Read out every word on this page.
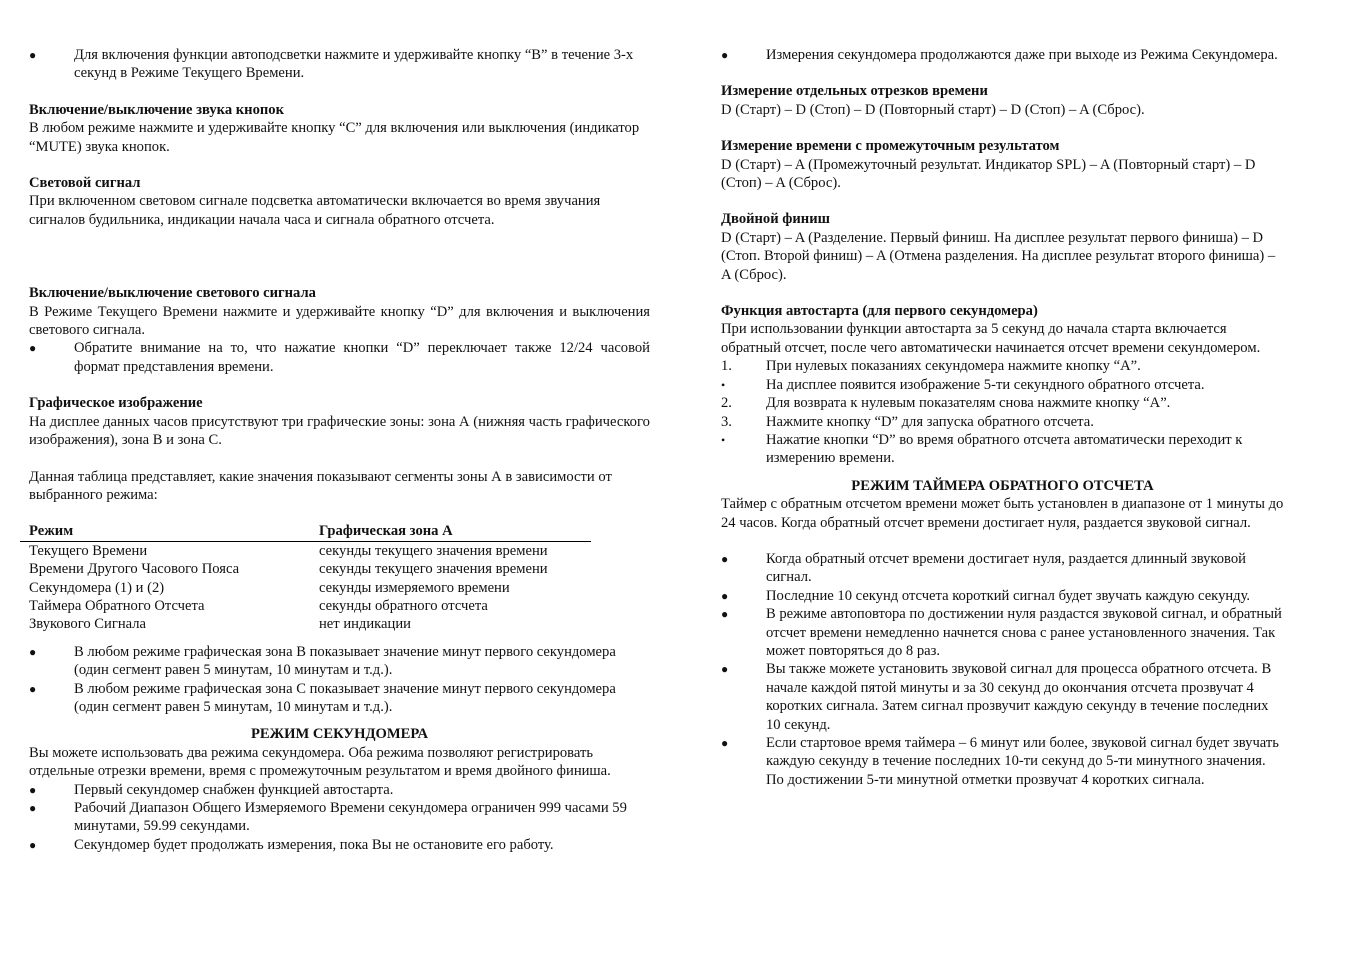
●	Для включения функции автоподсветки нажмите и удерживайте кнопку “B” в течение 3-х секунд в Режиме Текущего Времени.

Включение/выключение звука кнопок

В любом режиме нажмите и удерживайте кнопку “C” для включения или выключения (индикатор “MUTE) звука кнопок.

Световой сигнал

При включенном световом сигнале подсветка автоматически включается во время звучания сигналов будильника, индикации начала часа и сигнала обратного отсчета.

Включение/выключение светового сигнала

В Режиме Текущего Времени нажмите и удерживайте кнопку “D” для включения и выключения светового сигнала.

●	Обратите внимание на то, что нажатие кнопки “D” переключает также 12/24 часовой формат представления времени.

Графическое изображение

На дисплее данных часов присутствуют три графические зоны: зона А (нижняя часть графического изображения), зона В и зона С.

Данная таблица представляет, какие значения показывают сегменты зоны А в зависимости от выбранного режима:

Режим	Графическая зона А
Текущего Времени	секунды текущего значения времени
Времени Другого Часового Пояса	секунды текущего значения времени
Секундомера (1) и (2)	секунды измеряемого времени
Таймера Обратного Отсчета	секунды обратного отсчета
Звукового Сигнала	нет индикации
●	В любом режиме графическая зона В показывает значение минут первого секундомера (один сегмент равен 5 минутам, 10 минутам и т.д.).

●	В любом режиме графическая зона С показывает значение минут первого секундомера (один сегмент равен 5 минутам, 10 минутам и т.д.).

РЕЖИМ СЕКУНДОМЕРА

Вы можете использовать два режима секундомера. Оба режима позволяют регистрировать отдельные отрезки времени, время с промежуточным результатом и время двойного финиша.

●	Первый секундомер снабжен функцией автостарта.

●	Рабочий Диапазон Общего Измеряемого Времени секундомера ограничен 999 часами 59 минутами, 59.99 секундами.

●	Секундомер будет продолжать измерения, пока Вы не остановите его работу.

●	Измерения секундомера продолжаются даже при выходе из Режима Секундомера.

Измерение отдельных отрезков времени

D (Старт) – D (Стоп) – D (Повторный старт) – D (Стоп) – A (Сброс).

Измерение времени с промежуточным результатом

D (Старт) – A (Промежуточный результат. Индикатор SPL) – A (Повторный старт) – D (Стоп) – A (Сброс).

Двойной финиш

D (Старт) – A (Разделение. Первый финиш. На дисплее результат первого финиша) – D (Стоп. Второй финиш) – A (Отмена разделения. На дисплее результат второго финиша) – A (Сброс).

Функция автостарта (для первого секундомера)

При использовании функции автостарта за 5 секунд до начала старта включается обратный отсчет, после чего автоматически начинается отсчет времени секундомером.

1.	При нулевых показаниях секундомера нажмите кнопку “A”.

•	На дисплее появится изображение 5-ти секундного обратного отсчета.

2.	Для возврата к нулевым показателям снова нажмите кнопку “A”.

3.	Нажмите кнопку “D” для запуска обратного отсчета.

•	Нажатие кнопки “D” во время обратного отсчета автоматически переходит к измерению времени.

РЕЖИМ ТАЙМЕРА ОБРАТНОГО ОТСЧЕТА

Таймер с обратным отсчетом времени может быть установлен в диапазоне от 1 минуты до 24 часов. Когда обратный отсчет времени достигает нуля, раздается звуковой сигнал.

●	Когда обратный отсчет времени достигает нуля, раздается длинный звуковой сигнал.

●	Последние 10 секунд отсчета короткий сигнал будет звучать каждую секунду.

●	В режиме автоповтора по достижении нуля раздастся звуковой сигнал, и обратный отсчет времени немедленно начнется снова с ранее установленного значения. Так может повторяться до 8 раз.

●	Вы также можете установить звуковой сигнал для процесса обратного отсчета. В начале каждой пятой минуты и за 30 секунд до окончания отсчета прозвучат 4 коротких сигнала. Затем сигнал прозвучит каждую секунду в течение последних 10 секунд.

●	Если стартовое время таймера – 6 минут или более, звуковой сигнал будет звучать каждую секунду в течение последних 10-ти секунд до 5-ти минутного значения. По достижении 5-ти минутной отметки прозвучат 4 коротких сигнала.
